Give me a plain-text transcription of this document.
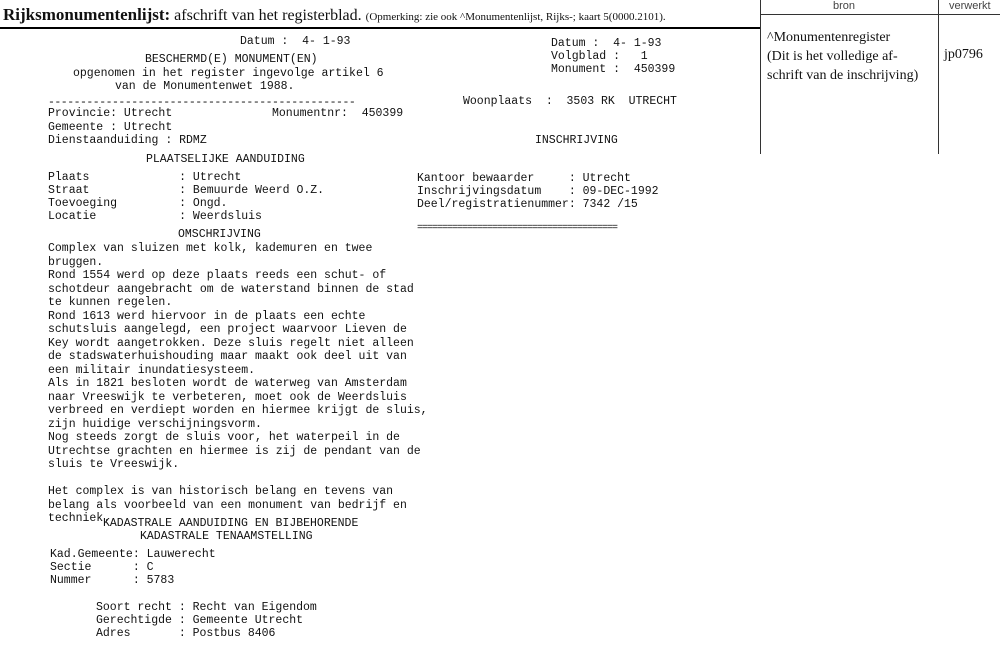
Rijksmonumentenlijst: afschrift van het registerblad. (Opmerking: zie ook ^Monumentenlijst, Rijks-; kaart 5(0000.2101).
bron	verwerkt
^Monumentenregister
(Dit is het volledige af-
schrift van de inschrijving)
jp0796
Datum :  4- 1-93
BESCHERMD(E) MONUMENT(EN)
opgenomen in het register ingevolge artikel 6
van de Monumentenwet 1988.
------------------------------------------------
Provincie: Utrecht	Monumentnr:  450399
Gemeente : Utrecht
Dienstaanduiding : RDMZ
PLAATSELIJKE AANDUIDING
Plaats             : Utrecht
Straat             : Bemuurde Weerd O.Z.
Toevoeging         : Ongd.
Locatie            : Weerdsluis
OMSCHRIJVING
Complex van sluizen met kolk, kademuren en twee
bruggen.
Rond 1554 werd op deze plaats reeds een schut- of
schotdeur aangebracht om de waterstand binnen de stad
te kunnen regelen.
Rond 1613 werd hiervoor in de plaats een echte
schutsluis aangelegd, een project waarvoor Lieven de
Key wordt aangetrokken. Deze sluis regelt niet alleen
de stadswaterhuishouding maar maakt ook deel uit van
een militair inundatiesysteem.
Als in 1821 besloten wordt de waterweg van Amsterdam
naar Vreeswijk te verbeteren, moet ook de Weerdsluis
verbreed en verdiept worden en hiermee krijgt de sluis,
zijn huidige verschijningsvorm.
Nog steeds zorgt de sluis voor, het waterpeil in de
Utrechtse grachten en hiermee is zij de pendant van de
sluis te Vreeswijk.
Het complex is van historisch belang en tevens van
belang als voorbeeld van een monument van bedrijf en
techniek.
KADASTRALE AANDUIDING EN BIJBEHORENDE
KADASTRALE TENAAMSTELLING
Kad.Gemeente: Lauwerecht
Sectie      : C
Nummer      : 5783
Soort recht : Recht van Eigendom
Gerechtigde : Gemeente Utrecht
Adres       : Postbus 8406
Datum :  4- 1-93
Volgblad :   1
Monument :  450399
Woonplaats  :  3503 RK  UTRECHT
INSCHRIJVING
Kantoor bewaarder     : Utrecht
Inschrijvingsdatum    : 09-DEC-1992
Deel/registratienummer: 7342 /15
========================================
